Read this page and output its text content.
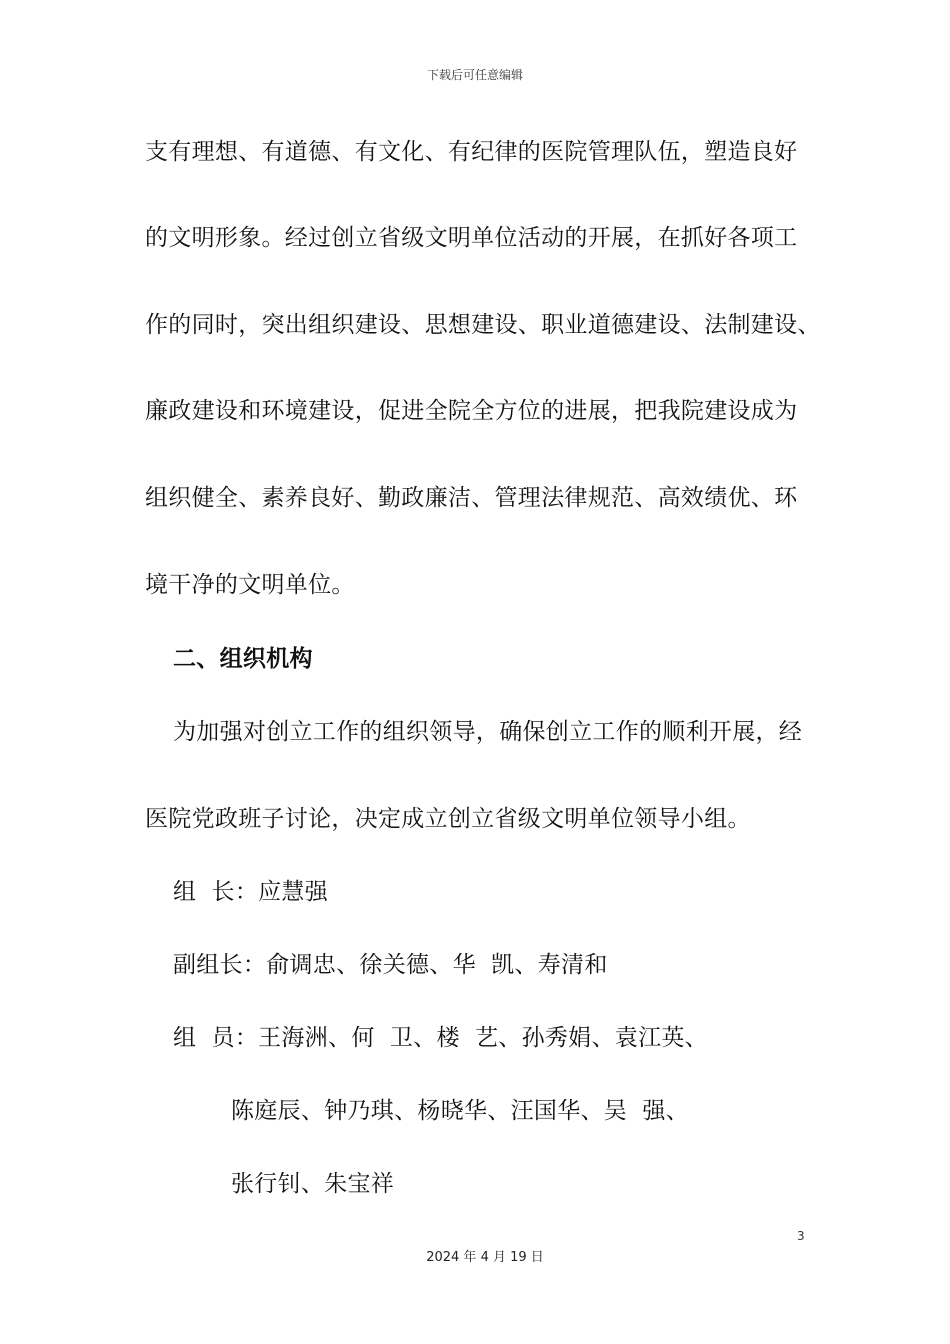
下载后可任意编辑
支有理想、有道德、有文化、有纪律的医院管理队伍，塑造良好
的文明形象。经过创立省级文明单位活动的开展，在抓好各项工
作的同时，突出组织建设、思想建设、职业道德建设、法制建设、
廉政建设和环境建设，促进全院全方位的进展，把我院建设成为
组织健全、素养良好、勤政廉洁、管理法律规范、高效绩优、环
境干净的文明单位。
二、组织机构
为加强对创立工作的组织领导，确保创立工作的顺利开展，经
医院党政班子讨论，决定成立创立省级文明单位领导小组。
组  长：应慧强
副组长：俞调忠、徐关德、华  凯、寿清和
组  员：王海洲、何  卫、楼  艺、孙秀娟、袁江英、
陈庭辰、钟乃琪、杨晓华、汪国华、吴  强、
张行钊、朱宝祥
3
2024 年 4 月 19 日
